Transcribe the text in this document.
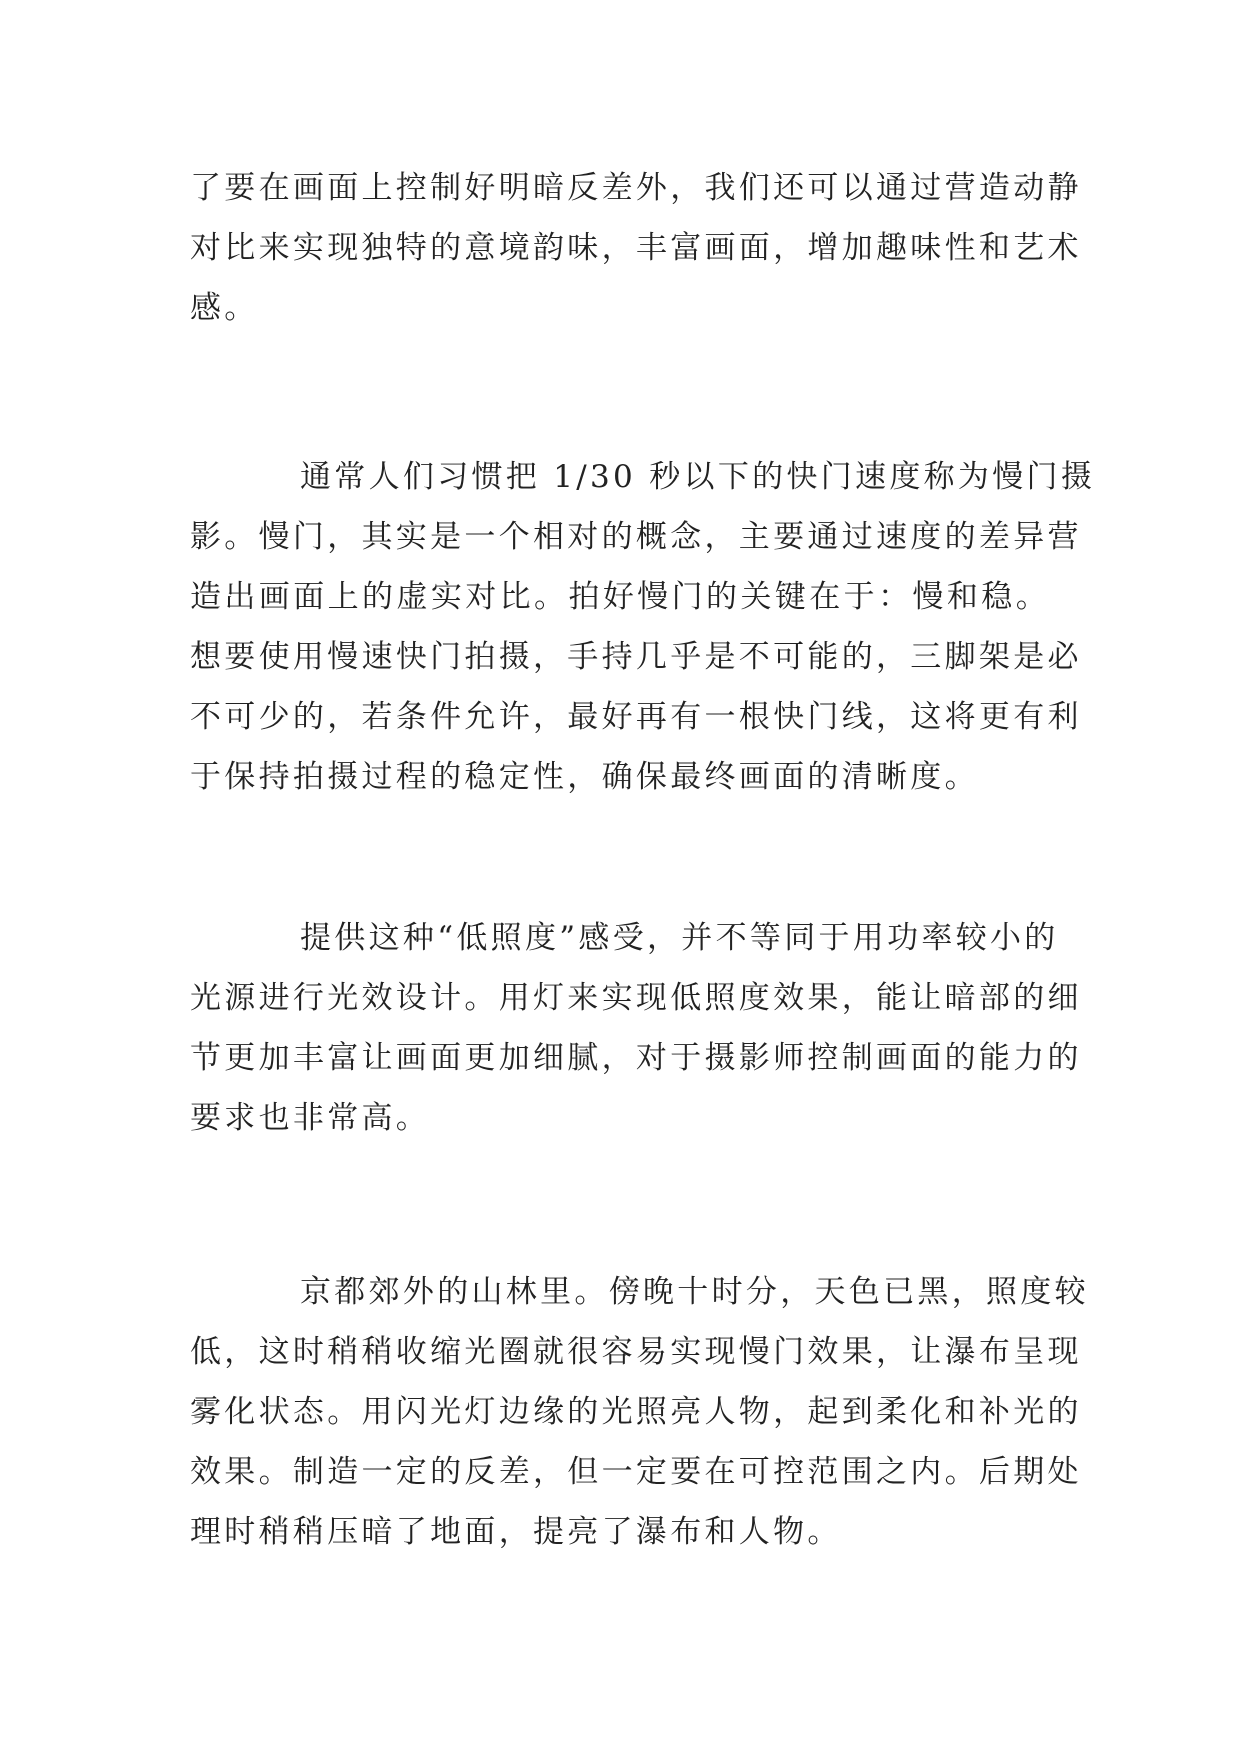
了要在画面上控制好明暗反差外，我们还可以通过营造动静
对比来实现独特的意境韵味，丰富画面，增加趣味性和艺术
感。

通常人们习惯把 1/30 秒以下的快门速度称为慢门摄
影。慢门，其实是一个相对的概念，主要通过速度的差异营
造出画面上的虚实对比。拍好慢门的关键在于：慢和稳。
想要使用慢速快门拍摄，手持几乎是不可能的，三脚架是必
不可少的，若条件允许，最好再有一根快门线，这将更有利
于保持拍摄过程的稳定性，确保最终画面的清晰度。

提供这种“低照度”感受，并不等同于用功率较小的
光源进行光效设计。用灯来实现低照度效果，能让暗部的细
节更加丰富让画面更加细腻，对于摄影师控制画面的能力的
要求也非常高。

京都郊外的山林里。傍晚十时分，天色已黑，照度较
低，这时稍稍收缩光圈就很容易实现慢门效果，让瀑布呈现
雾化状态。用闪光灯边缘的光照亮人物，起到柔化和补光的
效果。制造一定的反差，但一定要在可控范围之内。后期处
理时稍稍压暗了地面，提亮了瀑布和人物。
